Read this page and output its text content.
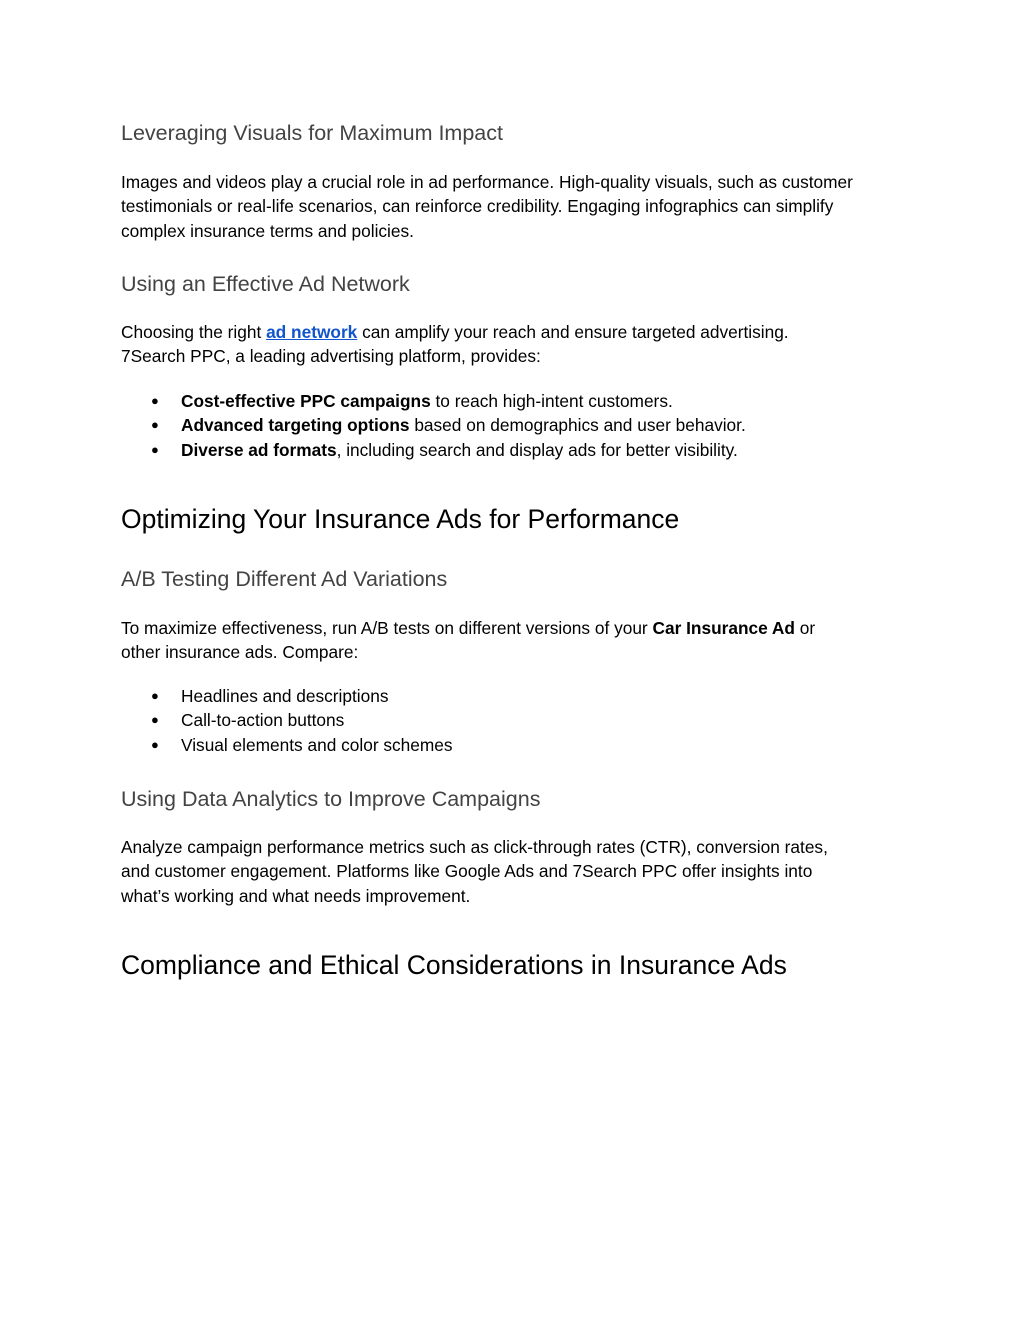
Leveraging Visuals for Maximum Impact
Images and videos play a crucial role in ad performance. High-quality visuals, such as customer
testimonials or real-life scenarios, can reinforce credibility. Engaging infographics can simplify
complex insurance terms and policies.
Using an Effective Ad Network
Choosing the right ad network can amplify your reach and ensure targeted advertising.
7Search PPC, a leading advertising platform, provides:
● Cost-effective PPC campaigns to reach high-intent customers.
● Advanced targeting options based on demographics and user behavior.
● Diverse ad formats, including search and display ads for better visibility.
Optimizing Your Insurance Ads for Performance
A/B Testing Different Ad Variations
To maximize effectiveness, run A/B tests on different versions of your Car Insurance Ad or
other insurance ads. Compare:
● Headlines and descriptions
● Call-to-action buttons
● Visual elements and color schemes
Using Data Analytics to Improve Campaigns
Analyze campaign performance metrics such as click-through rates (CTR), conversion rates,
and customer engagement. Platforms like Google Ads and 7Search PPC offer insights into
what’s working and what needs improvement.
Compliance and Ethical Considerations in Insurance Ads
